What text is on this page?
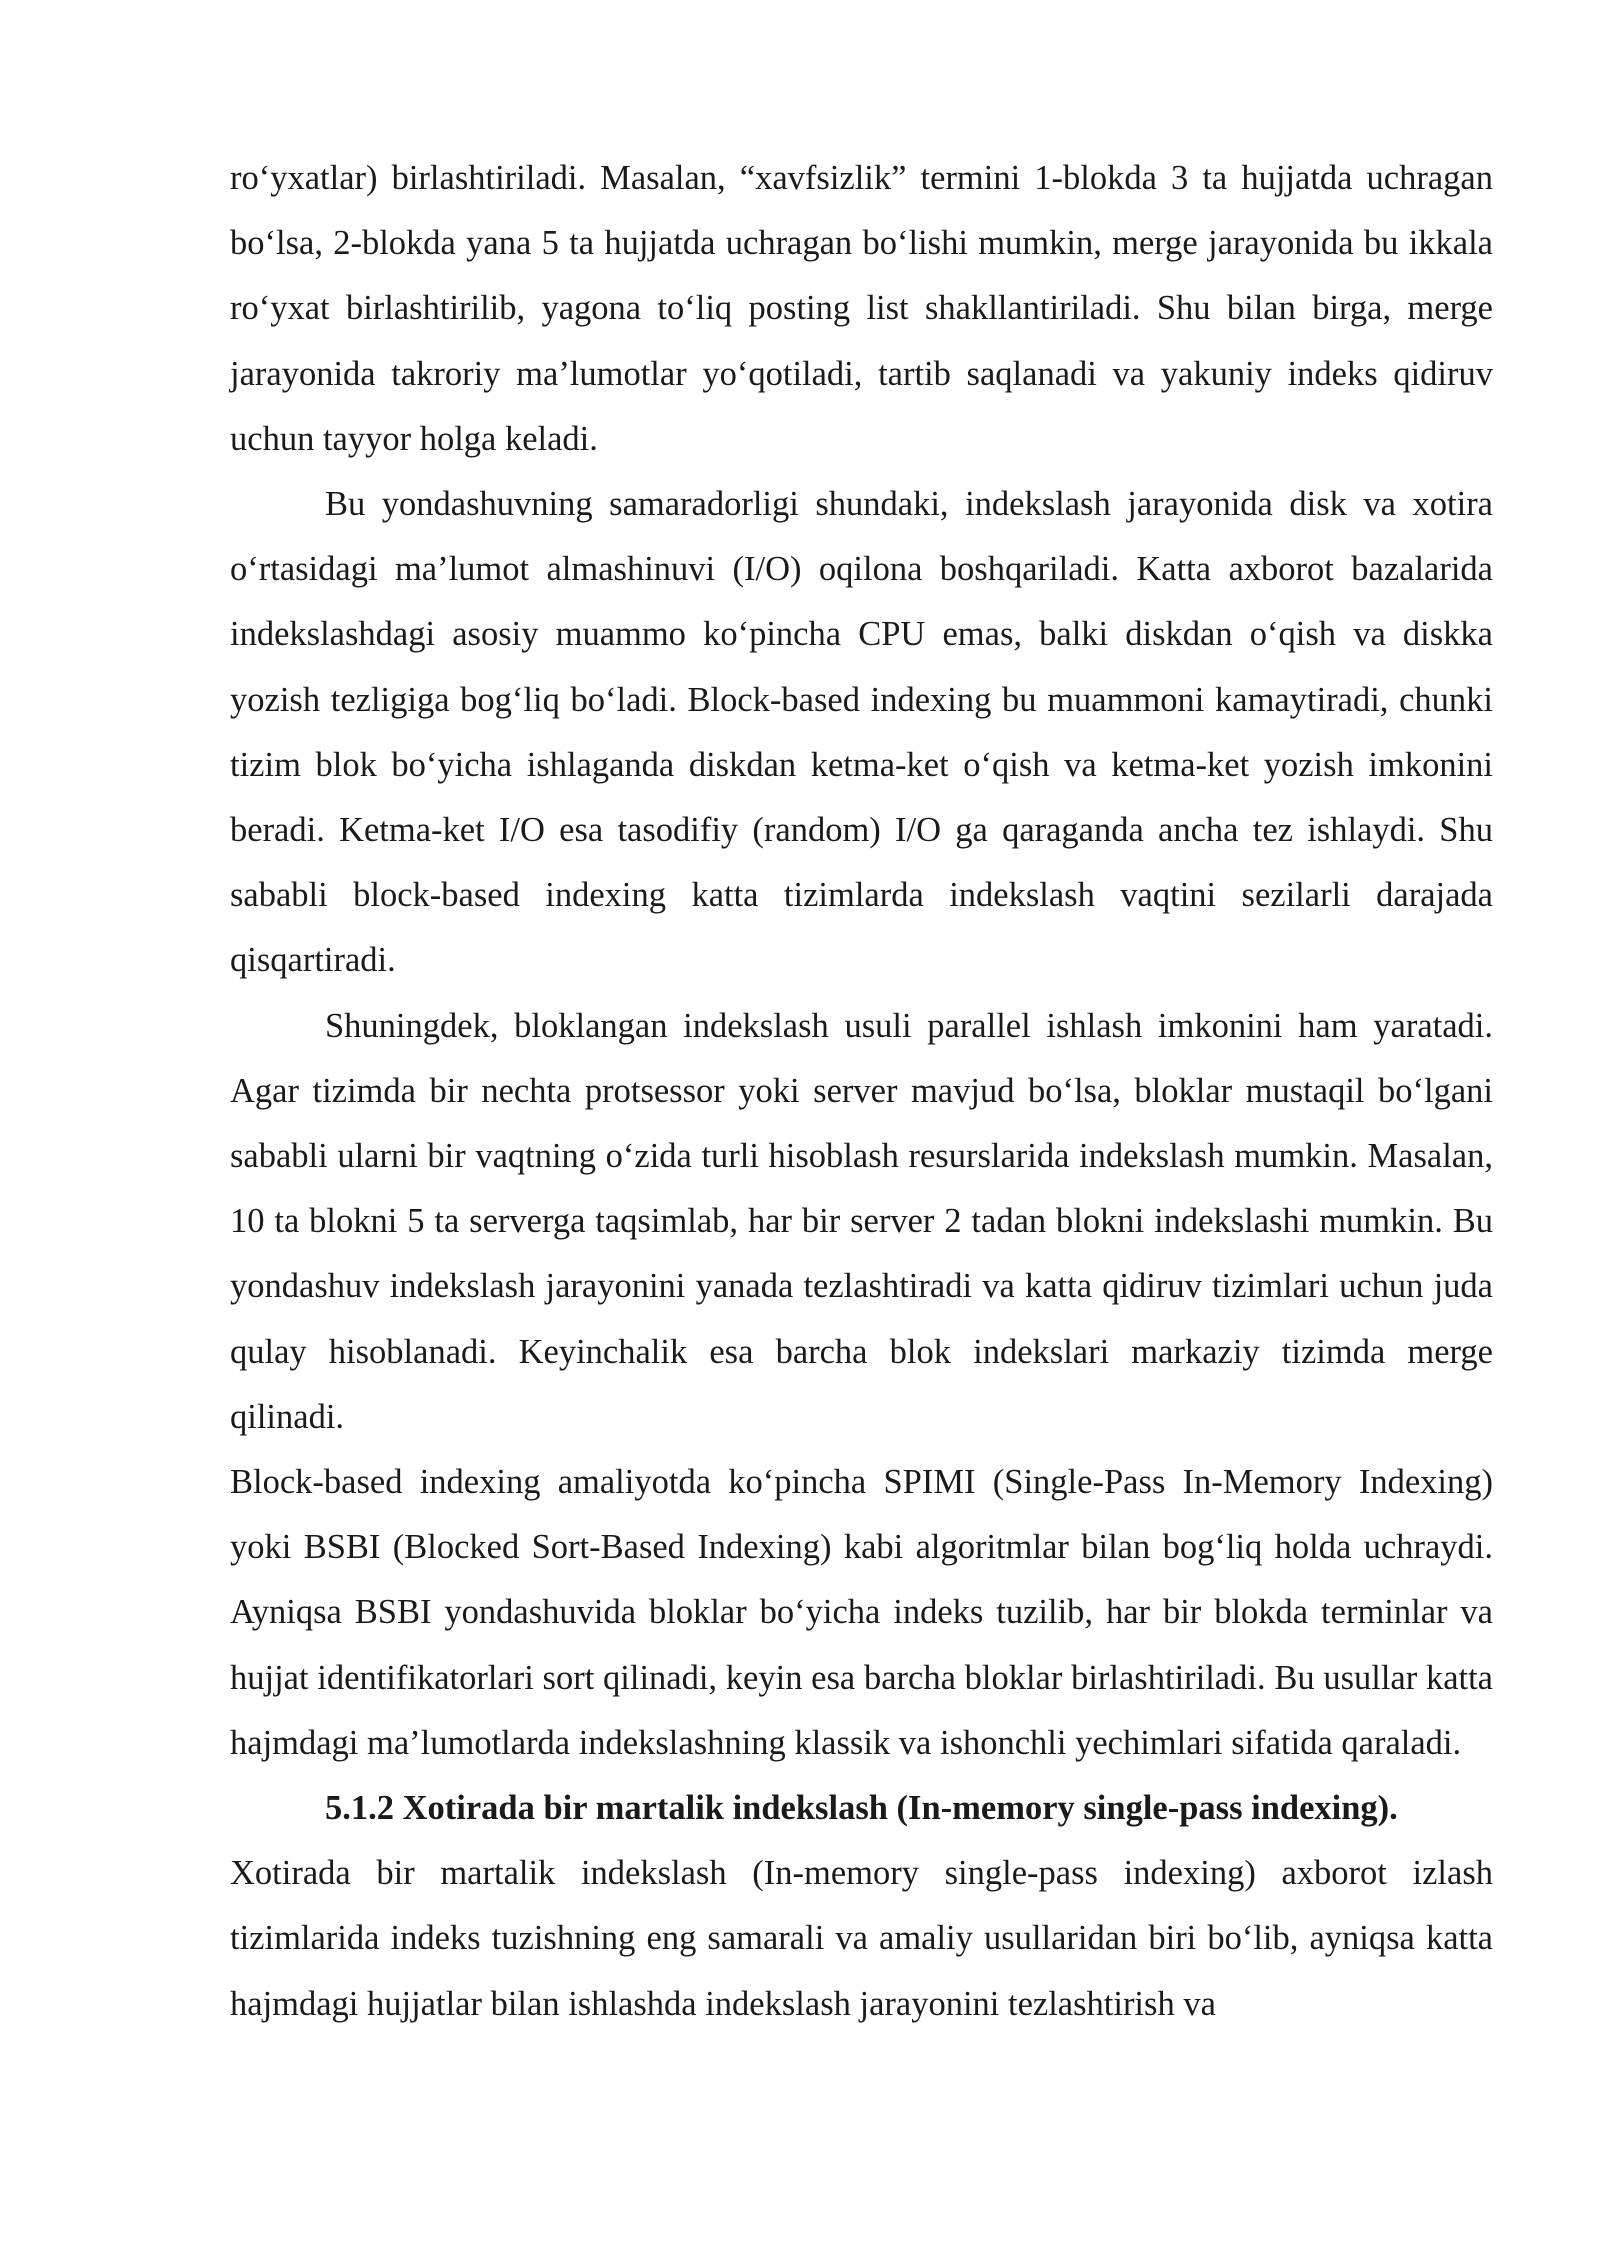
ro‘yxatlar) birlashtiriladi. Masalan, “xavfsizlik” termini 1-blokda 3 ta hujjatda uchragan bo‘lsa, 2-blokda yana 5 ta hujjatda uchragan bo‘lishi mumkin, merge jarayonida bu ikkala ro‘yxat birlashtirilib, yagona to‘liq posting list shakllantiriladi. Shu bilan birga, merge jarayonida takroriy ma’lumotlar yo‘qotiladi, tartib saqlanadi va yakuniy indeks qidiruv uchun tayyor holga keladi.

Bu yondashuvning samaradorligi shundaki, indekslash jarayonida disk va xotira o‘rtasidagi ma’lumot almashinuvi (I/O) oqilona boshqariladi. Katta axborot bazalarida indekslashdagi asosiy muammo ko‘pincha CPU emas, balki diskdan o‘qish va diskka yozish tezligiga bog‘liq bo‘ladi. Block-based indexing bu muammoni kamaytiradi, chunki tizim blok bo‘yicha ishlaganda diskdan ketma-ket o‘qish va ketma-ket yozish imkonini beradi. Ketma-ket I/O esa tasodifiy (random) I/O ga qaraganda ancha tez ishlaydi. Shu sababli block-based indexing katta tizimlarda indekslash vaqtini sezilarli darajada qisqartiradi.

Shuningdek, bloklangan indekslash usuli parallel ishlash imkonini ham yaratadi. Agar tizimda bir nechta protsessor yoki server mavjud bo‘lsa, bloklar mustaqil bo‘lgani sababli ularni bir vaqtning o‘zida turli hisoblash resurslarida indekslash mumkin. Masalan, 10 ta blokni 5 ta serverga taqsimlab, har bir server 2 tadan blokni indekslashi mumkin. Bu yondashuv indekslash jarayonini yanada tezlashtiradi va katta qidiruv tizimlari uchun juda qulay hisoblanadi. Keyinchalik esa barcha blok indekslari markaziy tizimda merge qilinadi.

Block-based indexing amaliyotda ko‘pincha SPIMI (Single-Pass In-Memory Indexing) yoki BSBI (Blocked Sort-Based Indexing) kabi algoritmlar bilan bog‘liq holda uchraydi. Ayniqsa BSBI yondashuvida bloklar bo‘yicha indeks tuzilib, har bir blokda terminlar va hujjat identifikatorlari sort qilinadi, keyin esa barcha bloklar birlashtiriladi. Bu usullar katta hajmdagi ma’lumotlarda indekslashning klassik va ishonchli yechimlari sifatida qaraladi.

5.1.2 Xotirada bir martalik indekslash (In-memory single-pass indexing).

Xotirada bir martalik indekslash (In-memory single-pass indexing) axborot izlash tizimlarida indeks tuzishning eng samarali va amaliy usullaridan biri bo‘lib, ayniqsa katta hajmdagi hujjatlar bilan ishlashda indekslash jarayonini tezlashtirish va
